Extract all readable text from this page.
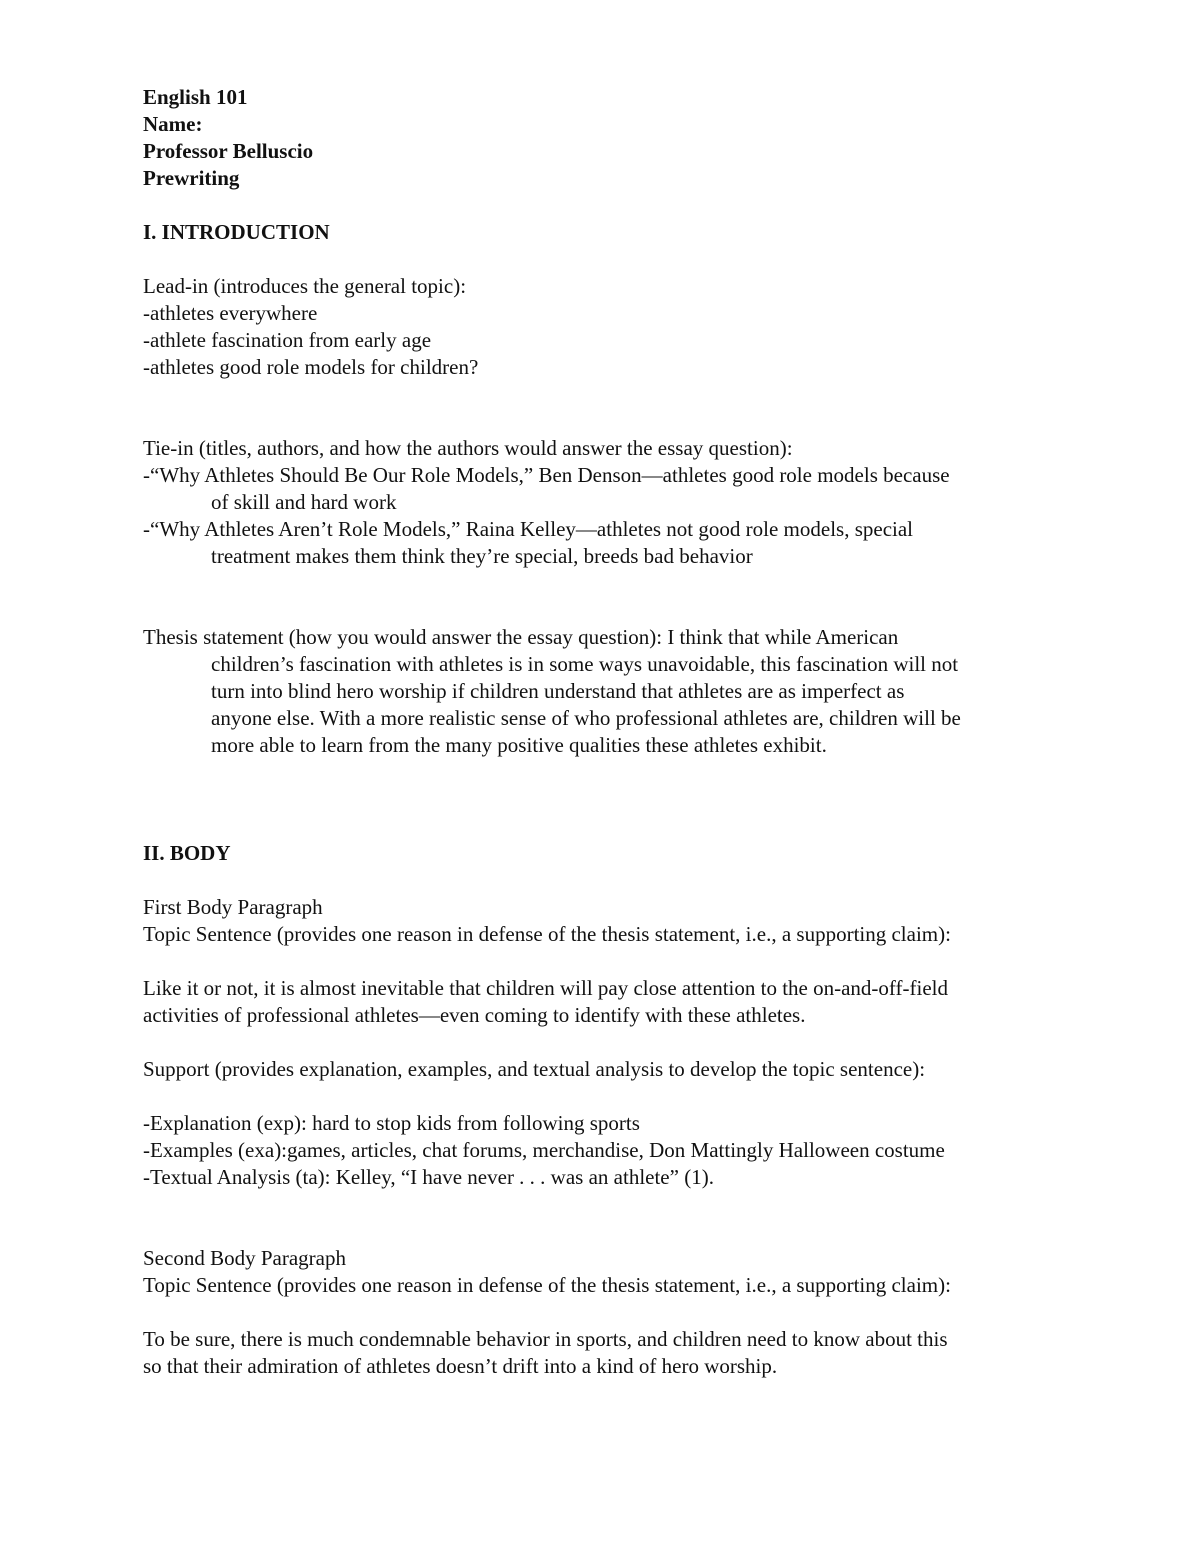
English 101
Name:
Professor Belluscio
Prewriting
I. INTRODUCTION
Lead-in (introduces the general topic):
-athletes everywhere
-athlete fascination from early age
-athletes good role models for children?
Tie-in (titles, authors, and how the authors would answer the essay question):
-“Why Athletes Should Be Our Role Models,” Ben Denson—athletes good role models because
of skill and hard work
-“Why Athletes Aren’t Role Models,” Raina Kelley—athletes not good role models, special
treatment makes them think they’re special, breeds bad behavior
Thesis statement (how you would answer the essay question): I think that while American
children’s fascination with athletes is in some ways unavoidable, this fascination will not
turn into blind hero worship if children understand that athletes are as imperfect as
anyone else. With a more realistic sense of who professional athletes are, children will be
more able to learn from the many positive qualities these athletes exhibit.
II. BODY
First Body Paragraph
Topic Sentence (provides one reason in defense of the thesis statement, i.e., a supporting claim):
Like it or not, it is almost inevitable that children will pay close attention to the on-and-off-field
activities of professional athletes—even coming to identify with these athletes.
Support (provides explanation, examples, and textual analysis to develop the topic sentence):
-Explanation (exp): hard to stop kids from following sports
-Examples (exa):games, articles, chat forums, merchandise, Don Mattingly Halloween costume
-Textual Analysis (ta): Kelley, “I have never . . . was an athlete” (1).
Second Body Paragraph
Topic Sentence (provides one reason in defense of the thesis statement, i.e., a supporting claim):
To be sure, there is much condemnable behavior in sports, and children need to know about this
so that their admiration of athletes doesn’t drift into a kind of hero worship.
